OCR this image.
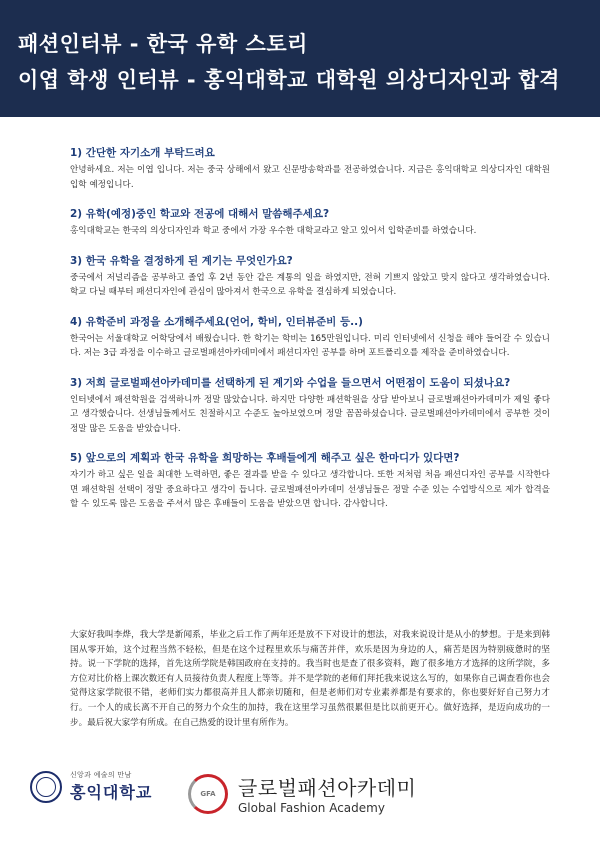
패션인터뷰 - 한국 유학 스토리
이엽 학생 인터뷰 - 홍익대학교 대학원 의상디자인과 합격
1) 간단한 자기소개 부탁드려요
안녕하세요. 저는 이엽 입니다. 저는 중국 상해에서 왔고 신문방송학과를 전공하였습니다. 지금은 홍익대학교 의상디자인 대학원 입학 예정입니다.
2) 유학(예정)중인 학교와 전공에 대해서 말씀해주세요?
홍익대학교는 한국의 의상디자인과 학교 중에서 가장 우수한 대학교라고 알고 있어서 입학준비를 하였습니다.
3) 한국 유학을 결정하게 된 계기는 무엇인가요?
중국에서 저널리즘을 공부하고 졸업 후 2년 동안 같은 계통의 일을 하였지만, 전혀 기쁘지 않았고 맞지 않다고 생각하였습니다. 학교 다닐 때부터 패션디자인에 관심이 많아져서 한국으로 유학을 결심하게 되었습니다.
4) 유학준비 과정을 소개해주세요(언어, 학비, 인터뷰준비 등..)
한국어는 서울대학교 어학당에서 배웠습니다. 한 학기는 학비는 165만원입니다. 미리 인터넷에서 신청을 해야 들어갈 수 있습니다. 저는 3급 과정을 이수하고 글로벌패션아카데미에서 패션디자인 공부를 하며 포트폴리오를 제작을 준비하였습니다.
3) 저희 글로벌패션아카데미를 선택하게 된 계기와 수업을 들으면서 어떤점이 도움이 되셨나요?
인터넷에서 패션학원을 검색하니까 정말 많았습니다. 하지만 다양한 패션학원을 상담 받아보니 글로벌패션아카데미가 제일 좋다고 생각했습니다. 선생님들께서도 친절하시고 수준도 높아보였으며 정말 꼼꼼하셨습니다. 글로벌패션아카데미에서 공부한 것이 정말 많은 도움을 받았습니다.
5) 앞으로의 계획과 한국 유학을 희망하는 후배들에게 해주고 싶은 한마디가 있다면?
자기가 하고 싶은 일을 최대한 노력하면, 좋은 결과를 받을 수 있다고 생각합니다. 또한 저처럼 처음 패션디자인 공부를 시작한다면 패션학원 선택이 정말 중요하다고 생각이 듭니다. 글로벌패션아카데미 선생님들은 정말 수준 있는 수업방식으로 제가 합격을 할 수 있도록 많은 도움을 주셔서 많은 후배들이 도움을 받았으면 합니다. 감사합니다.
大家好我叫李烨，我大学是新闻系，毕业之后工作了两年还是放不下对设计的想法，对我来说设计是从小的梦想。于是来到韩国从零开始，这个过程当然不轻松，但是在这个过程里欢乐与痛苦并伴，欢乐是因为身边的人，痛苦是因为特别疲惫时的坚持。说一下学院的选择，首先这所学院是韩国政府在支持的。我当时也是查了很多资料，跑了很多地方才选择的这所学院，多方位对比价格上课次数还有人员接待负责人程度上等等。并不是学院的老师们拜托我来说这么写的，如果你自己调查看你也会觉得这家学院很不错，老师们实力都很高并且人都亲切随和，但是老师们对专业素养都是有要求的，你也要好好自己努力才行。一个人的成长离不开自己的努力个众生的加持，我在这里学习虽然很累但是比以前更开心。做好选择，是迈向成功的一步。最后祝大家学有所成。在自己热爱的设计里有所作为。
신앙과 예술의 만남
홍익대학교	GFA 글로벌패션아카데미
Global Fashion Academy
